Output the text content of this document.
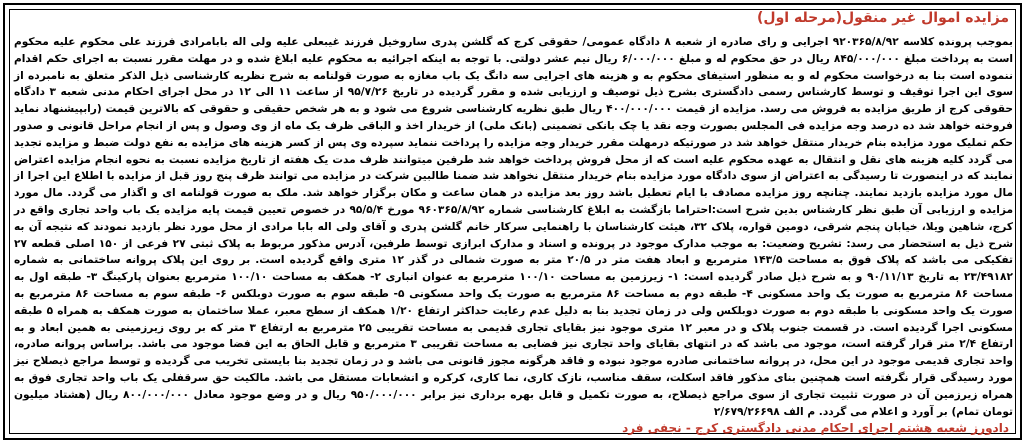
مزایده اموال غیر منقول(مرحله اول)

بموجب پرونده کلاسه ۹۲۰۳۶۵/۸/۹۲ اجرایی و رای صادره از شعبه ۸ دادگاه عمومی/ حقوقی کرج که گلشن پدری ساروخیل فرزند غیبعلی علیه ولی اله بابامرادی فرزند علی محکوم علیه محکوم است به پرداخت مبلغ ۸۴۵/۰۰۰/۰۰۰ ریال در حق محکوم له و مبلغ ۶/۰۰۰/۰۰۰ ریال نیم عشر دولتی. با توجه به اینکه اجرائیه به محکوم علیه ابلاغ شده و در مهلت مقرر نسبت به اجرای حکم اقدام ننموده است بنا به درخواست محکوم له و به منظور استیفای محکوم به و هزینه های اجرایی سه دانگ یک باب مغازه به صورت قولنامه به شرح نظریه کارشناسی ذیل الذکر متعلق به نامبرده از سوی این اجرا توقیف و توسط کارشناس رسمی دادگستری بشرح ذیل توصیف و ارزیابی شده و مقرر گردیده در تاریخ ۹۵/۷/۲۶ از ساعت ۱۱ الی ۱۲ در محل اجرای احکام مدنی شعبه ۳ دادگاه حقوقی کرج از طریق مزایده به فروش می رسد. مزایده از قیمت ۴۰۰/۰۰۰/۰۰۰ ریال طبق نظریه کارشناسی شروع می شود و به هر شخص حقیقی و حقوقی که بالاترین قیمت (رابپیشنهاد نماید فروخته خواهد شد ده درصد وجه مزایده فی المجلس بصورت وجه نقد یا چک بانکی تضمینی (بانک ملی) از خریدار اخذ و الباقی ظرف یک ماه از وی وصول و پس از انجام مراحل قانونی و صدور حکم تملیک مورد مزایده بنام خریدار منتقل خواهد شد در صورتیکه درمهلت مقرر خریدار وجه مزایده را پرداخت ننماید سپرده وی پس از کسر هزینه های مزایده به نفع دولت ضبط و مزایده تجدید می گردد کلیه هزینه های نقل و انتقال به عهده محکوم علیه است که از محل فروش پرداخت خواهد شد طرفین میتوانند ظرف مدت یک هفته از تاریخ مزایده نسبت به نحوه انجام مزایده اعتراض نمایند که در اینصورت تا رسیدگی به اعتراض از سوی دادگاه مورد مزایده بنام خریدار منتقل نخواهد شد ضمنا طالبین شرکت در مزایده می توانند ظرف پنج روز قبل از مزایده با اطلاع این اجرا از مال مورد مزایده بازدید نمایند. چنانچه روز مزایده مصادف با ایام تعطیل باشد روز بعد مزایده در همان ساعت و مکان برگزار خواهد شد. ملک به صورت قولنامه ای و اگذار می گردد. مال مورد مزایده و ارزیابی آن طبق نظر کارشناس بدین شرح است:احتراما بازگشت به ابلاغ کارشناسی شماره ۹۶۰۳۶۵/۸/۹۲ مورخ ۹۵/۵/۴ در خصوص تعیین قیمت پایه مزایده یک باب واحد تجاری واقع در کرج، شاهین ویلا، خیابان پنجم شرقی، دومین قواره، پلاک ۳۲، هیئت کارشناسان با راهنمایی سرکار خانم گلشن پدری و آقای ولی اله بابا مرادی از محل مورد نظر بازدید نمودند که نتیجه آن به شرح ذیل به استحضار می رسد: تشریح وضعیت: به موجب مدارک موجود در پرونده و اسناد و مدارک ابرازی توسط طرفین، آدرس مذکور مربوط به پلاک ثبتی ۲۷ فرعی از ۱۵۰ اصلی قطعه ۲۷ تفکیکی می باشد که پلاک فوق به مساحت ۱۴۳/۵ مترمربع و ابعاد هفت متر در ۲۰/۵ متر به صورت شمالی در گذر ۱۲ متری واقع گردیده است. بر روی این پلاک پروانه ساختمانی به شماره ۲۳/۴۹۱۸۲ به تاریخ ۹۰/۱۱/۱۳ و به شرح ذیل صادر گردیده است: ۱- زیرزمین به مساحت ۱۰۰/۱۰ مترمربع به عنوان انباری ۲- همکف به مساحت ۱۰۰/۱۰ مترمربع بعنوان پارکینگ ۳- طبقه اول به مساحت ۸۶ مترمربع به صورت یک واحد مسکونی ۴- طبقه دوم به مساحت ۸۶ مترمربع به صورت یک واحد مسکونی ۵- طبقه سوم به صورت دوبلکس ۶- طبقه سوم به مساحت ۸۶ مترمربع به صورت یک واحد مسکونی با طبقه دوم به صورت دوبلکس ولی در زمان تجدید بنا به دلیل عدم رعایت حداکثر ارتفاع ۱/۲۰ همکف از سطح معبر، عملا ساختمان به صورت همکف به همراه ۵ طبقه مسکونی اجرا گردیده است. در قسمت جنوب پلاک و در معبر ۱۲ متری موجود نیز بقایای تجاری قدیمی به مساحت تقریبی ۲۵ مترمربع به ارتفاع ۳ متر که بر روی زیرزمینی به همین ابعاد و به ارتفاع ۲/۴ متر قرار گرفته است، موجود می باشد که در انتهای بقایای واحد تجاری نیز فضایی به مساحت تقریبی ۳ مترمربع و قابل الحاق به این فضا موجود می باشد. براساس پروانه صادره، واحد تجاری قدیمی موجود در این محل، در پروانه ساختمانی صادره موجود نبوده و فاقد هرگونه مجوز قانونی می باشد و در زمان تجدید بنا بایستی تخریب می گردیده و توسط مراجع ذیصلاح نیز مورد رسیدگی قرار نگرفته است همچنین بنای مذکور فاقد اسکلت، سقف مناسب، نازک کاری، نما کاری، کرکره و انشعابات مستقل می باشد. مالکیت حق سرقفلی یک باب واحد تجاری فوق به همراه زیرزمین آن در صورت تثبیت تجاری از سوی مراجع ذیصلاح، به صورت تکمیل و قابل بهره برداری نیز برابر ۹۵۰/۰۰۰/۰۰۰ ریال و در وضع موجود معادل ۸۰۰/۰۰۰/۰۰۰ ریال (هشتاد میلیون تومان تمام) بر آورد و اعلام می گردد. م الف ۲/۶۷۹/۲۶۶۹۸

دادورز شعبه هشتم اجرای احکام مدنی دادگستری کرج - نجفی فرد
